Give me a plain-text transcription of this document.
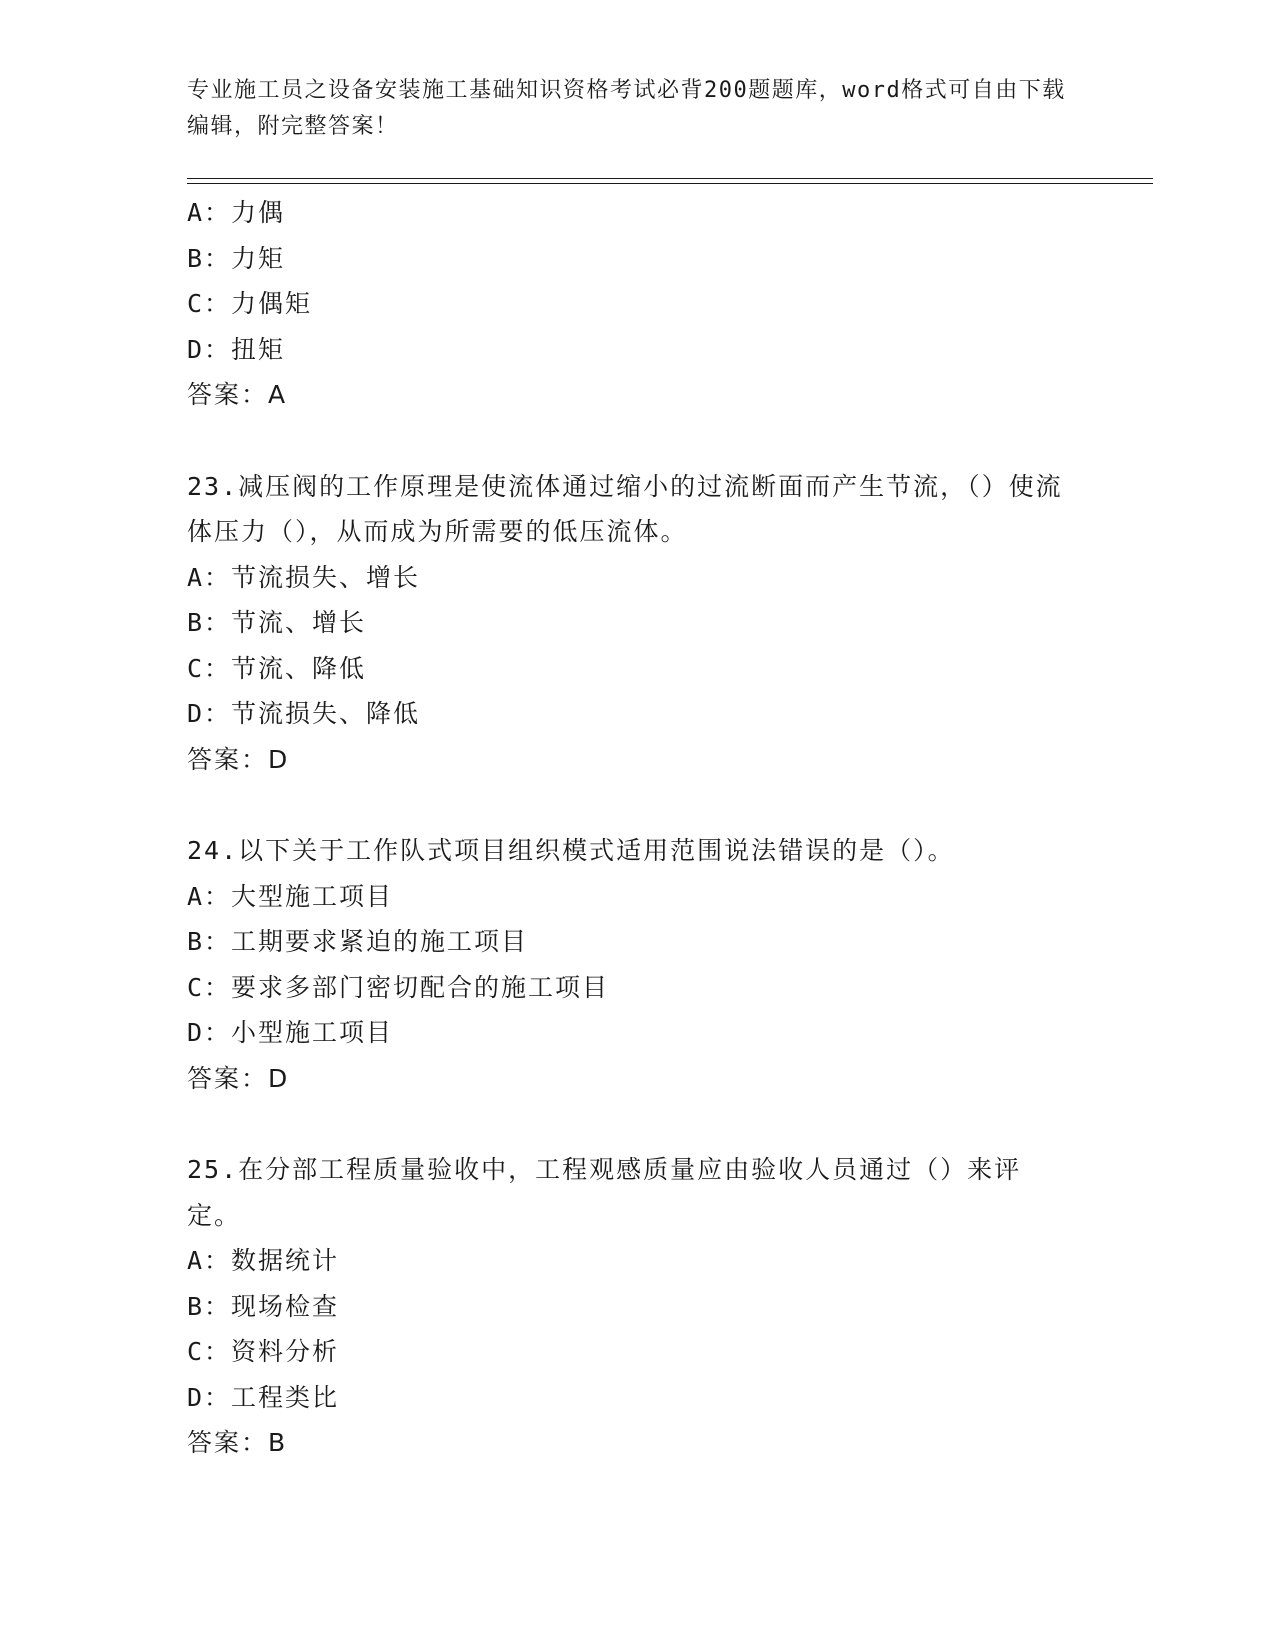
专业施工员之设备安装施工基础知识资格考试必背200题题库，word格式可自由下载编辑，附完整答案！
A：力偶
B：力矩
C：力偶矩
D：扭矩
答案：A
23.减压阀的工作原理是使流体通过缩小的过流断面而产生节流，（）使流体压力（），从而成为所需要的低压流体。
A：节流损失、增长
B：节流、增长
C：节流、降低
D：节流损失、降低
答案：D
24.以下关于工作队式项目组织模式适用范围说法错误的是（）。
A：大型施工项目
B：工期要求紧迫的施工项目
C：要求多部门密切配合的施工项目
D：小型施工项目
答案：D
25.在分部工程质量验收中，工程观感质量应由验收人员通过（）来评定。
A：数据统计
B：现场检查
C：资料分析
D：工程类比
答案：B
